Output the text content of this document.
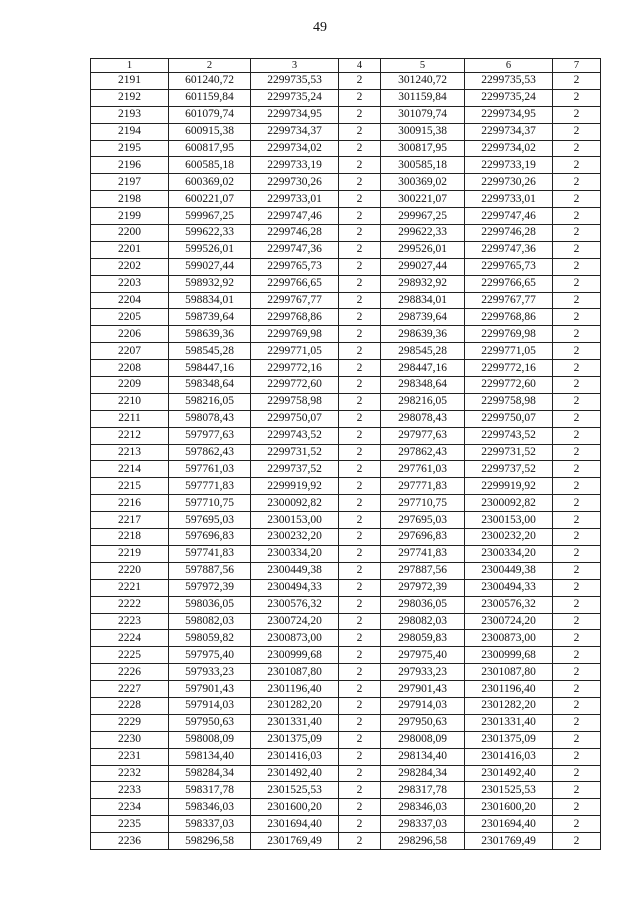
49
1	2	3	4	5	6	7
2191	601240,72	2299735,53	2	301240,72	2299735,53	2
2192	601159,84	2299735,24	2	301159,84	2299735,24	2
2193	601079,74	2299734,95	2	301079,74	2299734,95	2
2194	600915,38	2299734,37	2	300915,38	2299734,37	2
2195	600817,95	2299734,02	2	300817,95	2299734,02	2
2196	600585,18	2299733,19	2	300585,18	2299733,19	2
2197	600369,02	2299730,26	2	300369,02	2299730,26	2
2198	600221,07	2299733,01	2	300221,07	2299733,01	2
2199	599967,25	2299747,46	2	299967,25	2299747,46	2
2200	599622,33	2299746,28	2	299622,33	2299746,28	2
2201	599526,01	2299747,36	2	299526,01	2299747,36	2
2202	599027,44	2299765,73	2	299027,44	2299765,73	2
2203	598932,92	2299766,65	2	298932,92	2299766,65	2
2204	598834,01	2299767,77	2	298834,01	2299767,77	2
2205	598739,64	2299768,86	2	298739,64	2299768,86	2
2206	598639,36	2299769,98	2	298639,36	2299769,98	2
2207	598545,28	2299771,05	2	298545,28	2299771,05	2
2208	598447,16	2299772,16	2	298447,16	2299772,16	2
2209	598348,64	2299772,60	2	298348,64	2299772,60	2
2210	598216,05	2299758,98	2	298216,05	2299758,98	2
2211	598078,43	2299750,07	2	298078,43	2299750,07	2
2212	597977,63	2299743,52	2	297977,63	2299743,52	2
2213	597862,43	2299731,52	2	297862,43	2299731,52	2
2214	597761,03	2299737,52	2	297761,03	2299737,52	2
2215	597771,83	2299919,92	2	297771,83	2299919,92	2
2216	597710,75	2300092,82	2	297710,75	2300092,82	2
2217	597695,03	2300153,00	2	297695,03	2300153,00	2
2218	597696,83	2300232,20	2	297696,83	2300232,20	2
2219	597741,83	2300334,20	2	297741,83	2300334,20	2
2220	597887,56	2300449,38	2	297887,56	2300449,38	2
2221	597972,39	2300494,33	2	297972,39	2300494,33	2
2222	598036,05	2300576,32	2	298036,05	2300576,32	2
2223	598082,03	2300724,20	2	298082,03	2300724,20	2
2224	598059,82	2300873,00	2	298059,83	2300873,00	2
2225	597975,40	2300999,68	2	297975,40	2300999,68	2
2226	597933,23	2301087,80	2	297933,23	2301087,80	2
2227	597901,43	2301196,40	2	297901,43	2301196,40	2
2228	597914,03	2301282,20	2	297914,03	2301282,20	2
2229	597950,63	2301331,40	2	297950,63	2301331,40	2
2230	598008,09	2301375,09	2	298008,09	2301375,09	2
2231	598134,40	2301416,03	2	298134,40	2301416,03	2
2232	598284,34	2301492,40	2	298284,34	2301492,40	2
2233	598317,78	2301525,53	2	298317,78	2301525,53	2
2234	598346,03	2301600,20	2	298346,03	2301600,20	2
2235	598337,03	2301694,40	2	298337,03	2301694,40	2
2236	598296,58	2301769,49	2	298296,58	2301769,49	2
